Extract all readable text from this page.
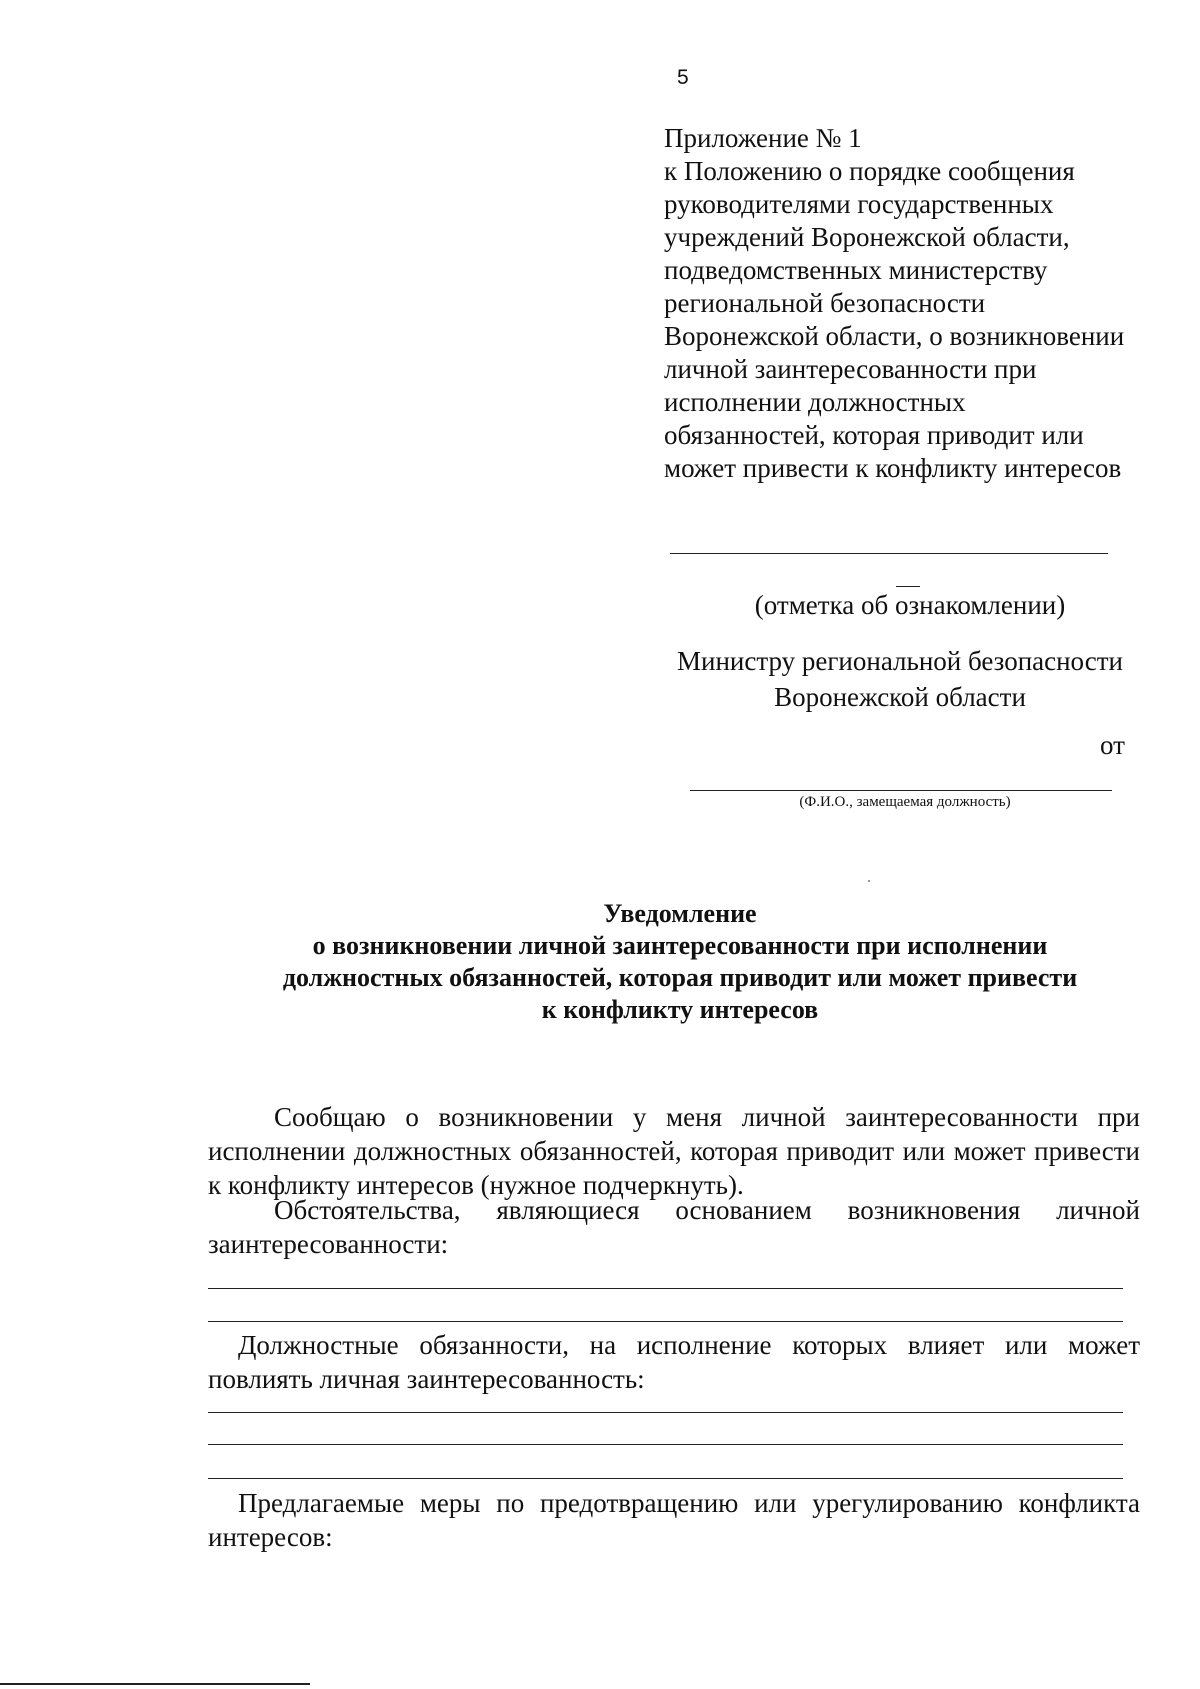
5
Приложение № 1
к Положению о порядке сообщения
руководителями государственных
учреждений Воронежской области,
подведомственных министерству
региональной безопасности
Воронежской области, о возникновении
личной заинтересованности при
исполнении должностных
обязанностей, которая приводит или
может привести к конфликту интересов
(отметка об ознакомлении)
Министру региональной безопасности
Воронежской области
от
(Ф.И.О., замещаемая должность)
Уведомление
о возникновении личной заинтересованности при исполнении
должностных обязанностей, которая приводит или может привести
к конфликту интересов
Сообщаю о возникновении у меня личной заинтересованности при исполнении должностных обязанностей, которая приводит или может привести к конфликту интересов (нужное подчеркнуть).
Обстоятельства, являющиеся основанием возникновения личной
заинтересованности:
Должностные обязанности, на исполнение которых влияет или может повлиять личная заинтересованность:
Предлагаемые меры по предотвращению или урегулированию конфликта интересов:
